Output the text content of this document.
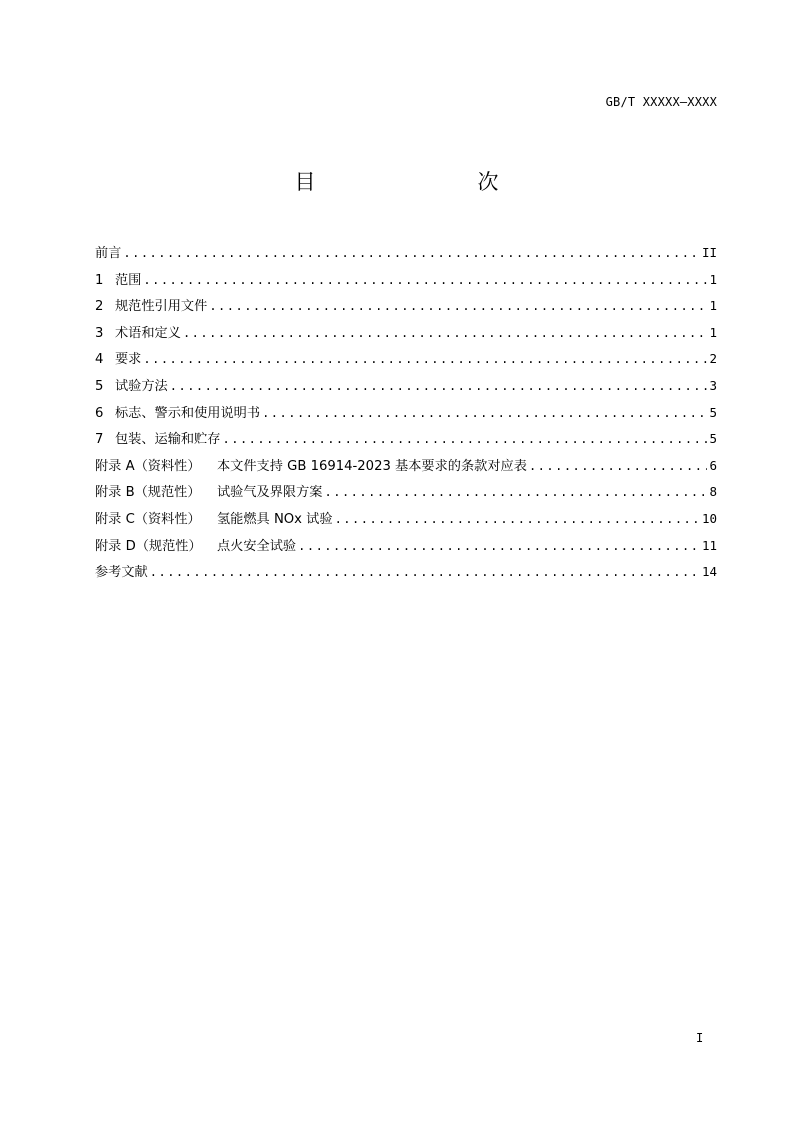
GB/T XXXXX—XXXX
目　　次
前言 .....	II
1 范围 .....	1
2 规范性引用文件 .....	1
3 术语和定义 .....	1
4 要求 .....	2
5 试验方法 .....	3
6 标志、警示和使用说明书 .....	5
7 包装、运输和贮存 .....	5
附录 A（资料性） 本文件支持 GB 16914-2023 基本要求的条款对应表 .....	6
附录 B（规范性） 试验气及界限方案 .....	8
附录 C（资料性） 氢能燃具 NOx 试验 .....	10
附录 D（规范性） 点火安全试验 .....	11
参考文献 .....	14
I
